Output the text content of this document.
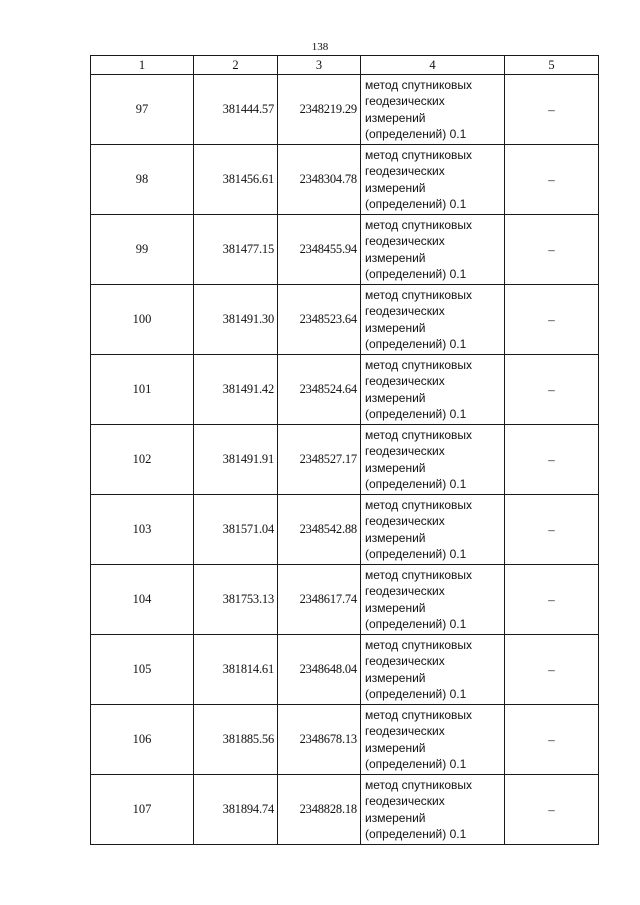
138
1	2	3	4	5
97	381444.57	2348219.29	метод спутниковых геодезических измерений (определений) 0.1	–
98	381456.61	2348304.78	метод спутниковых геодезических измерений (определений) 0.1	–
99	381477.15	2348455.94	метод спутниковых геодезических измерений (определений) 0.1	–
100	381491.30	2348523.64	метод спутниковых геодезических измерений (определений) 0.1	–
101	381491.42	2348524.64	метод спутниковых геодезических измерений (определений) 0.1	–
102	381491.91	2348527.17	метод спутниковых геодезических измерений (определений) 0.1	–
103	381571.04	2348542.88	метод спутниковых геодезических измерений (определений) 0.1	–
104	381753.13	2348617.74	метод спутниковых геодезических измерений (определений) 0.1	–
105	381814.61	2348648.04	метод спутниковых геодезических измерений (определений) 0.1	–
106	381885.56	2348678.13	метод спутниковых геодезических измерений (определений) 0.1	–
107	381894.74	2348828.18	метод спутниковых геодезических измерений (определений) 0.1	–
